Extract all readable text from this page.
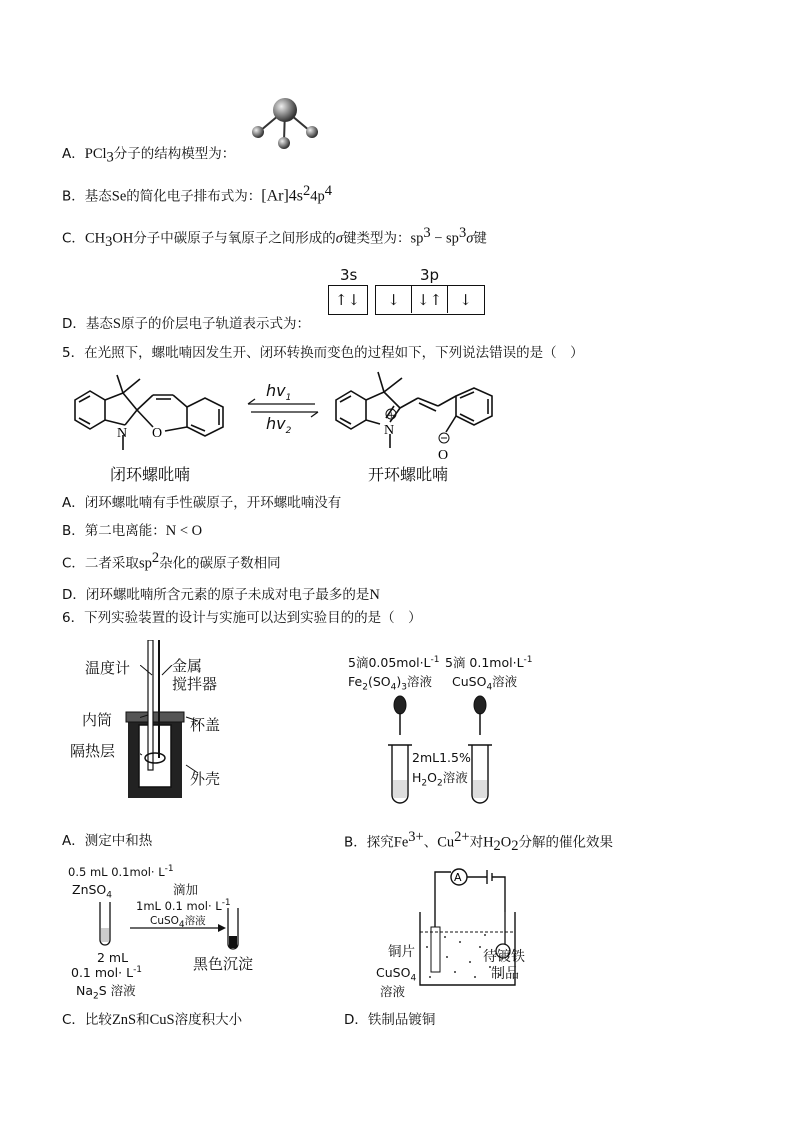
A．PCl$_3$分子的结构模型为：
B．基态Se的简化电子排布式为：$[Ar]4s^24p^4$
C．$CH_3OH$分子中碳原子与氧原子之间形成的σ键类型为：$sp^3 - sp^3\sigma$键
3s	3p
↑↓	↓	↓↑	↓
D．基态S原子的价层电子轨道表示式为：
5．在光照下，螺吡喃因发生开、闭环转换而变色的过程如下，下列说法错误的是（　）
N O
$hv_1$
$hv_2$
+
N
O
闭环螺吡喃	开环螺吡喃
A．闭环螺吡喃有手性碳原子，开环螺吡喃没有
B．第二电离能：N < O
C．二者采取$sp^2$杂化的碳原子数相同
D．闭环螺吡喃所含元素的原子未成对电子最多的是N
6．下列实验装置的设计与实施可以达到实验目的的是（　）
温度计	金属
搅拌器
内筒	杯盖
隔热层
外壳
5滴$0.05mol\cdot L^{-1}$
$Fe_2(SO_4)_3$溶液
5滴 $0.1mol\cdot L^{-1}$
CuSO$_4$溶液
2mL1.5%
$H_2O_2$溶液
A．测定中和热	B．探究$Fe^{3+}$、$Cu^{2+}$对$H_2O_2$分解的催化效果
0.5 mL $0.1mol\cdot L^{-1}$
ZnSO$_4$	滴加
1mL 0.1 $mol\cdot L^{-1}$
CuSO$_4$溶液
2 mL
0.1 $mol\cdot L^{-1}$
$Na_2S$ 溶液
黑色沉淀
A
铜片
CuSO$_4$
溶液
待镀铁
制品
C．比较ZnS和CuS溶度积大小	D．铁制品镀铜
